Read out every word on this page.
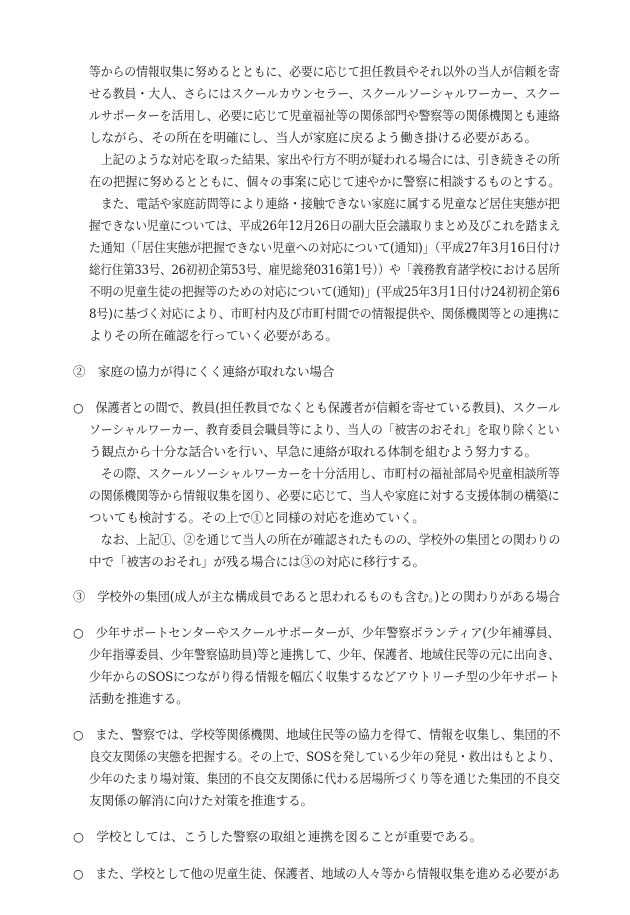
等からの情報収集に努めるとともに、必要に応じて担任教員やそれ以外の当人が信頼を寄
せる教員・大人、さらにはスクールカウンセラー、スクールソーシャルワーカー、スクー
ルサポーターを活用し、必要に応じて児童福祉等の関係部門や警察等の関係機関とも連絡
しながら、その所在を明確にし、当人が家庭に戻るよう働き掛ける必要がある。
　上記のような対応を取った結果、家出や行方不明が疑われる場合には、引き続きその所
在の把握に努めるとともに、個々の事案に応じて速やかに警察に相談するものとする。
　また、電話や家庭訪問等により連絡・接触できない家庭に属する児童など居住実態が把
握できない児童については、平成26年12月26日の副大臣会議取りまとめ及びこれを踏まえ
た通知（「居住実態が把握できない児童への対応について(通知)」（平成27年3月16日付け
総行住第33号、26初初企第53号、雇児総発0316第1号））や「義務教育諸学校における居所
不明の児童生徒の把握等のための対応について(通知)」(平成25年3月1日付け24初初企第6
8号)に基づく対応により、市町村内及び市町村間での情報提供や、関係機関等との連携に
よりその所在確認を行っていく必要がある。
②　家庭の協力が得にくく連絡が取れない場合
○　保護者との間で、教員(担任教員でなくとも保護者が信頼を寄せている教員)、スクール
ソーシャルワーカー、教育委員会職員等により、当人の「被害のおそれ」を取り除くとい
う観点から十分な話合いを行い、早急に連絡が取れる体制を組むよう努力する。
　その際、スクールソーシャルワーカーを十分活用し、市町村の福祉部局や児童相談所等
の関係機関等から情報収集を図り、必要に応じて、当人や家庭に対する支援体制の構築に
ついても検討する。その上で①と同様の対応を進めていく。
　なお、上記①、②を通じて当人の所在が確認されたものの、学校外の集団との関わりの
中で「被害のおそれ」が残る場合には③の対応に移行する。
③　学校外の集団(成人が主な構成員であると思われるものも含む。)との関わりがある場合
○　少年サポートセンターやスクールサポーターが、少年警察ボランティア(少年補導員、
少年指導委員、少年警察協助員)等と連携して、少年、保護者、地域住民等の元に出向き、
少年からのSOSにつながり得る情報を幅広く収集するなどアウトリーチ型の少年サポート
活動を推進する。
○　また、警察では、学校等関係機関、地域住民等の協力を得て、情報を収集し、集団的不
良交友関係の実態を把握する。その上で、SOSを発している少年の発見・救出はもとより、
少年のたまり場対策、集団的不良交友関係に代わる居場所づくり等を通じた集団的不良交
友関係の解消に向けた対策を推進する。
○　学校としては、こうした警察の取組と連携を図ることが重要である。
○　また、学校として他の児童生徒、保護者、地域の人々等から情報収集を進める必要があ
